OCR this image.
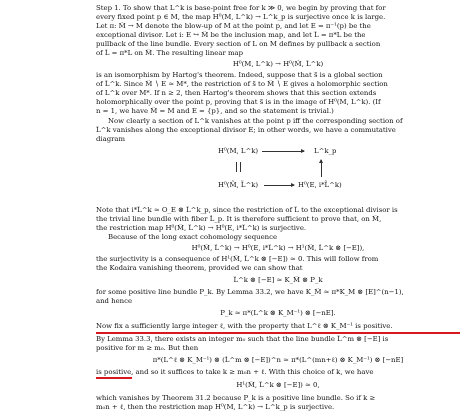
Step 1. To show that L^k is base-point free for k ≫ 0, we begin by proving that for
every fixed point p ∈ M, the map H⁰(M, L^k) → L^k_p is surjective once k is large.
Let π: M̃ → M denote the blow-up of M at the point p, and let E = π⁻¹(p) be the
exceptional divisor. Let i: E ↪ M̃ be the inclusion map, and let L̃ = π*L be the
pullback of the line bundle. Every section of L on M defines by pullback a section
of L̃ = π*L on M̃. The resulting linear map
H⁰(M, L^k) → H⁰(M̃, L̃^k)
is an isomorphism by Hartog's theorem. Indeed, suppose that s̃ is a global section
of L̃^k. Since M̃ ∖ E ≃ M*, the restriction of s̃ to M̃ ∖ E gives a holomorphic section
of L^k over M*. If n ≥ 2, then Hartog's theorem shows that this section extends
holomorphically over the point p, proving that s̃ is in the image of H⁰(M, L^k). (If
n = 1, we have M̃ = M and E = {p}, and so the statement is trivial.)
Now clearly a section of L^k vanishes at the point p iff the corresponding section of
L̃^k vanishes along the exceptional divisor E; in other words, we have a commutative
diagram
H⁰(M, L^k)	L^k_p
H⁰(M̃, L̃^k)	H⁰(E, i*L̃^k)
Note that i*L̃^k ≃ O_E ⊗ L̃^k_p, since the restriction of L̃ to the exceptional divisor is
the trivial line bundle with fiber L̃_p. It is therefore sufficient to prove that, on M̃,
the restriction map H⁰(M̃, L̃^k) → H⁰(E, i*L̃^k) is surjective.
Because of the long exact cohomology sequence
H⁰(M̃, L̃^k) → H⁰(E, i*L̃^k) → H¹(M̃, L̃^k ⊗ [−E]),
the surjectivity is a consequence of H¹(M̃, L̃^k ⊗ [−E]) ≃ 0. This will follow from
the Kodaira vanishing theorem, provided we can show that
L̃^k ⊗ [−E] ≃ K_M̃ ⊗ P_k
for some positive line bundle P_k. By Lemma 33.2, we have K_M̃ ≃ π*K_M ⊗ [E]^(n−1),
and hence
P_k ≃ π*(L^k ⊗ K_M⁻¹) ⊗ [−nE].
Now fix a sufficiently large integer ℓ, with the property that L^ℓ ⊗ K_M⁻¹ is positive.
By Lemma 33.3, there exists an integer m₀ such that the line bundle L̃^m ⊗ [−E] is
positive for m ≥ m₀. But then
π*(L^ℓ ⊗ K_M⁻¹) ⊗ (L̃^m ⊗ [−E])^n ≃ π*(L^(mn+ℓ) ⊗ K_M⁻¹) ⊗ [−nE]
is positive, and so it suffices to take k ≥ m₀n + ℓ. With this choice of k, we have
H¹(M̃, L̃^k ⊗ [−E]) ≃ 0,
which vanishes by Theorem 31.2 because P_k is a positive line bundle. So if k ≥
m₀n + ℓ, then the restriction map H⁰(M, L^k) → L^k_p is surjective.
